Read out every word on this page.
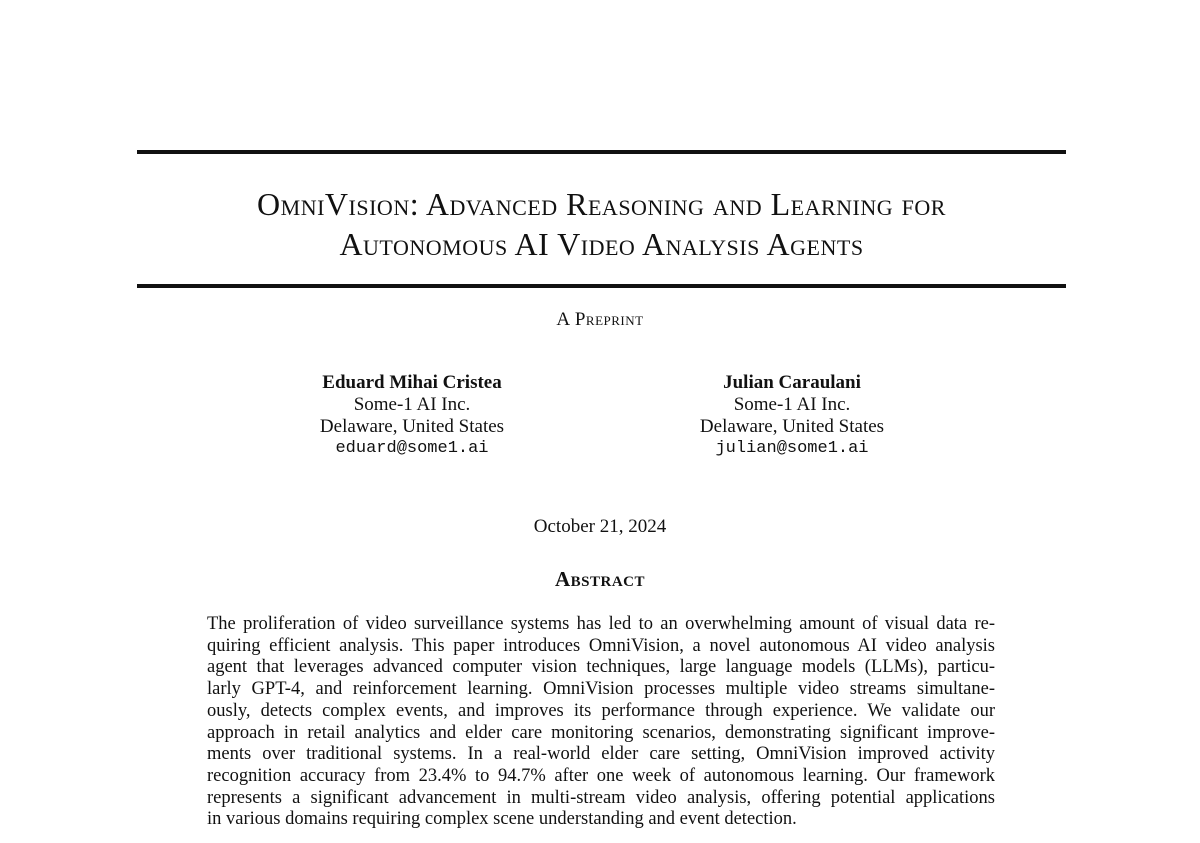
OmniVision: Advanced Reasoning and Learning for
Autonomous AI Video Analysis Agents
A Preprint
Eduard Mihai Cristea
Some-1 AI Inc.
Delaware, United States
eduard@some1.ai
Julian Caraulani
Some-1 AI Inc.
Delaware, United States
julian@some1.ai
October 21, 2024
Abstract
The proliferation of video surveillance systems has led to an overwhelming amount of visual data re-
quiring efficient analysis. This paper introduces OmniVision, a novel autonomous AI video analysis
agent that leverages advanced computer vision techniques, large language models (LLMs), particu-
larly GPT-4, and reinforcement learning. OmniVision processes multiple video streams simultane-
ously, detects complex events, and improves its performance through experience. We validate our
approach in retail analytics and elder care monitoring scenarios, demonstrating significant improve-
ments over traditional systems. In a real-world elder care setting, OmniVision improved activity
recognition accuracy from 23.4% to 94.7% after one week of autonomous learning. Our framework
represents a significant advancement in multi-stream video analysis, offering potential applications
in various domains requiring complex scene understanding and event detection.
